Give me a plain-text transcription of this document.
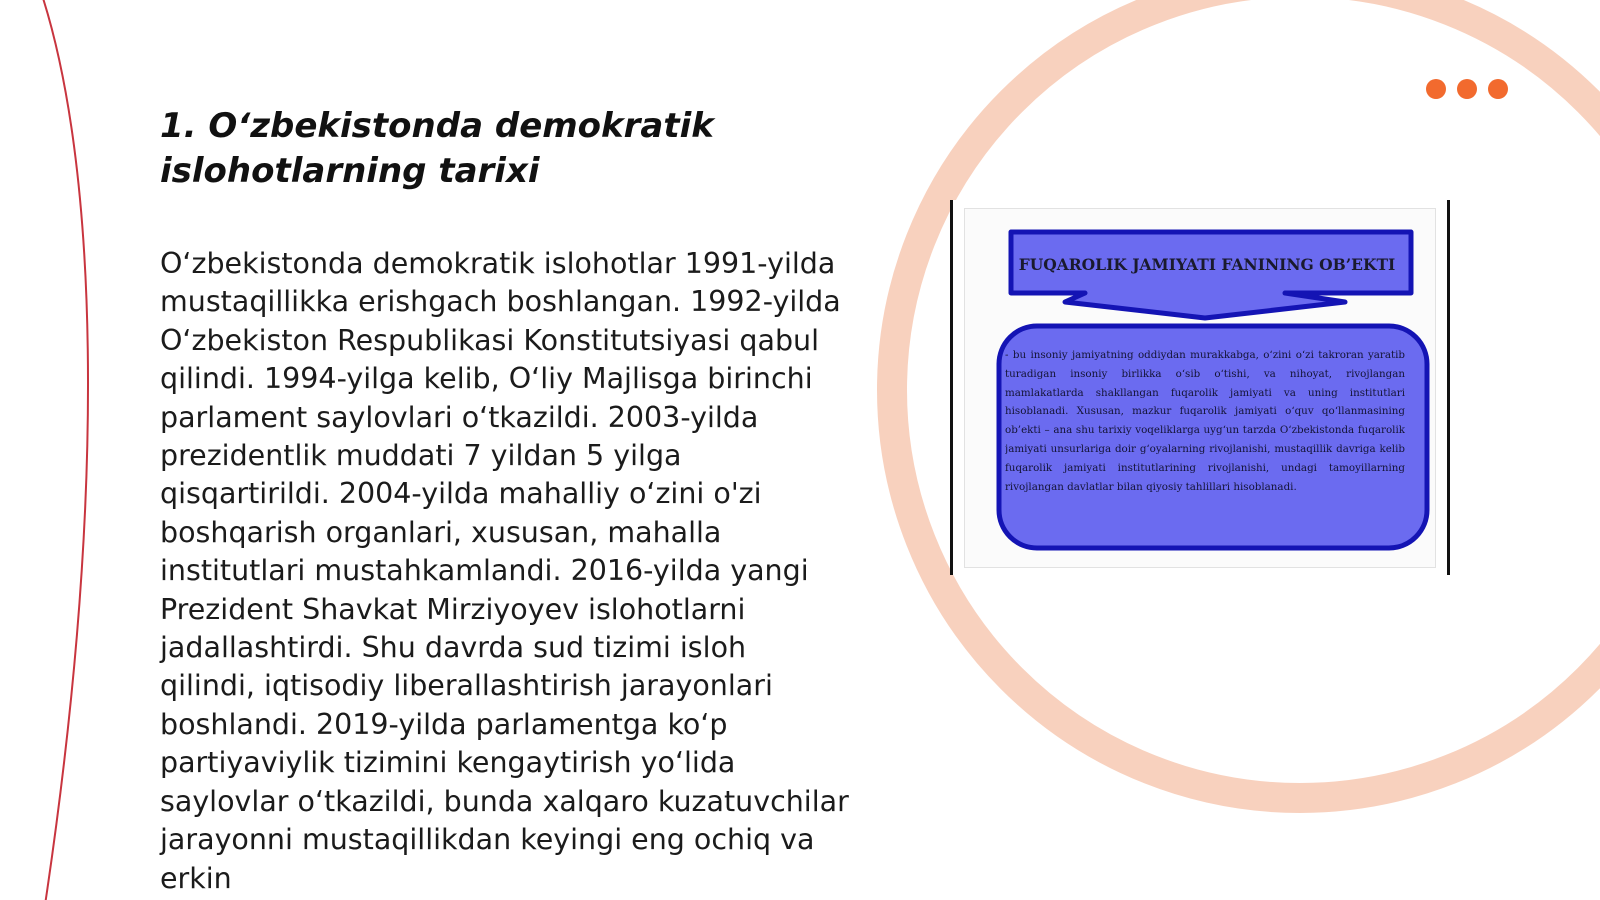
1. O‘zbekistonda demokratik islohotlarning tarixi

O‘zbekistonda demokratik islohotlar 1991-yilda mustaqillikka erishgach boshlangan. 1992-yilda O‘zbekiston Respublikasi Konstitutsiyasi qabul qilindi. 1994-yilga kelib, O‘liy Majlisga birinchi parlament saylovlari o‘tkazildi. 2003-yilda prezidentlik muddati 7 yildan 5 yilga qisqartirildi. 2004-yilda mahalliy o‘zini o'zi boshqarish organlari, xususan, mahalla institutlari mustahkamlandi. 2016-yilda yangi Prezident Shavkat Mirziyoyev islohotlarni jadallashtirdi. Shu davrda sud tizimi isloh qilindi, iqtisodiy liberallashtirish jarayonlari boshlandi. 2019-yilda parlamentga ko‘p partiyaviylik tizimini kengaytirish yo‘lida saylovlar o‘tkazildi, bunda xalqaro kuzatuvchilar jarayonni mustaqillikdan keyingi eng ochiq va erkin

FUQAROLIK JAMIYATI FANINING OB’EKTI
- bu insoniy jamiyatning oddiydan murakkabga, o‘zini o‘zi takroran yaratib turadigan insoniy birlikka o‘sib o‘tishi, va nihoyat, rivojlangan mamlakatlarda shakllangan fuqarolik jamiyati va uning institutlari hisoblanadi. Xususan, mazkur fuqarolik jamiyati o‘quv qo‘llanmasining ob’ekti – ana shu tarixiy voqeliklarga uyg‘un tarzda O‘zbekistonda fuqarolik jamiyati unsurlariga doir g‘oyalarning rivojlanishi, mustaqillik davriga kelib fuqarolik jamiyati institutlarining rivojlanishi, undagi tamoyillarning rivojlangan davlatlar bilan qiyosiy tahlillari hisoblanadi.
